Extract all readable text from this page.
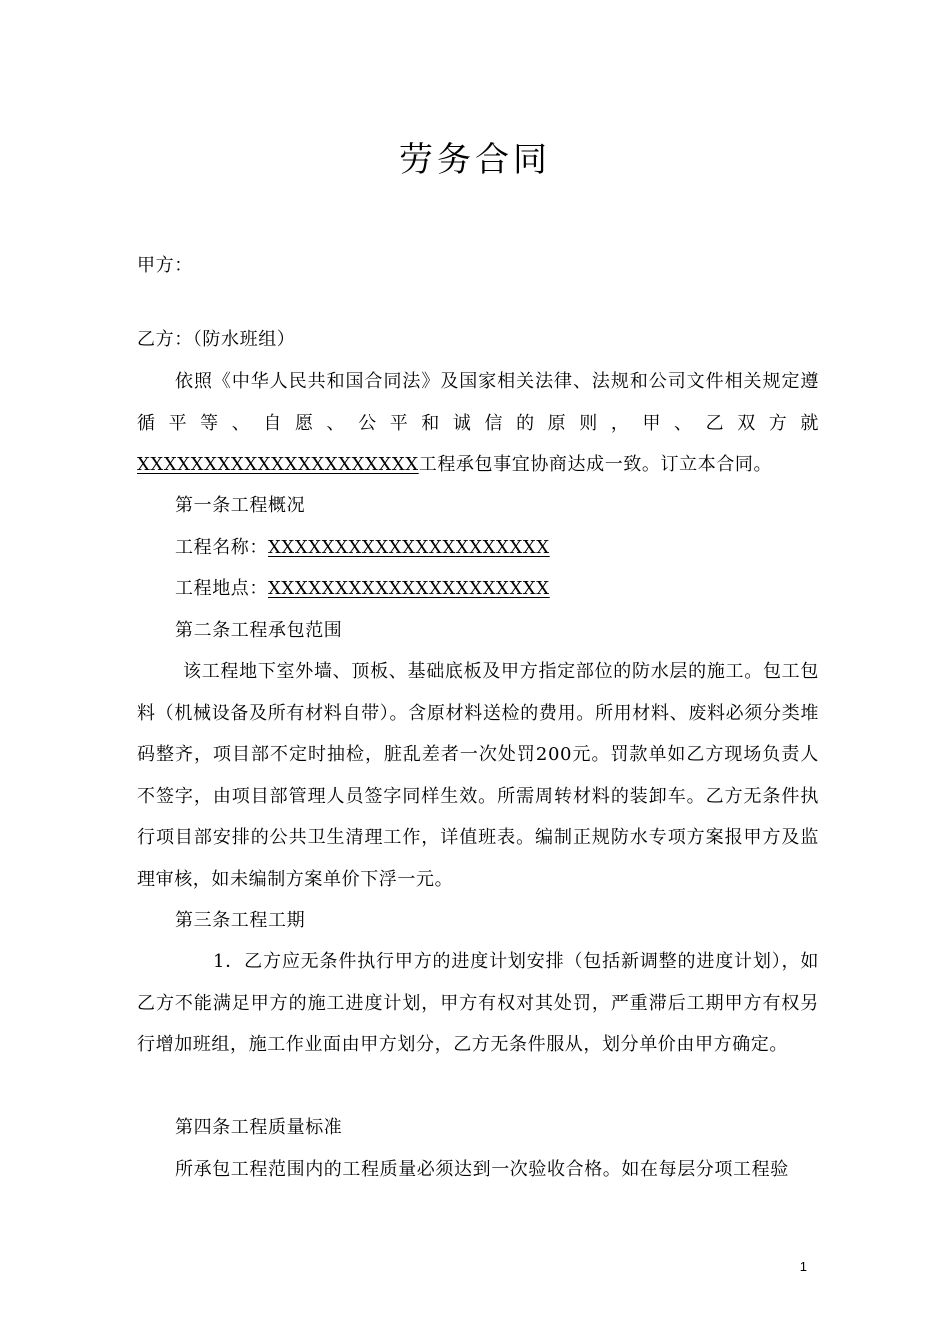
劳务合同
甲方：
乙方：（防水班组）
依照《中华人民共和国合同法》及国家相关法律、法规和公司文件相关规定遵循平等、自愿、公平和诚信的原则，甲、乙双方就XXXXXXXXXXXXXXXXXXXXX工程承包事宜协商达成一致。订立本合同。
第一条工程概况
工程名称：XXXXXXXXXXXXXXXXXXXXX
工程地点：XXXXXXXXXXXXXXXXXXXXX
第二条工程承包范围
该工程地下室外墙、顶板、基础底板及甲方指定部位的防水层的施工。包工包料（机械设备及所有材料自带）。含原材料送检的费用。所用材料、废料必须分类堆码整齐，项目部不定时抽检，脏乱差者一次处罚200元。罚款单如乙方现场负责人不签字，由项目部管理人员签字同样生效。所需周转材料的装卸车。乙方无条件执行项目部安排的公共卫生清理工作，详值班表。编制正规防水专项方案报甲方及监理审核，如未编制方案单价下浮一元。
第三条工程工期
1．乙方应无条件执行甲方的进度计划安排（包括新调整的进度计划），如乙方不能满足甲方的施工进度计划，甲方有权对其处罚，严重滞后工期甲方有权另行增加班组，施工作业面由甲方划分，乙方无条件服从，划分单价由甲方确定。
第四条工程质量标准
所承包工程范围内的工程质量必须达到一次验收合格。如在每层分项工程验
1
